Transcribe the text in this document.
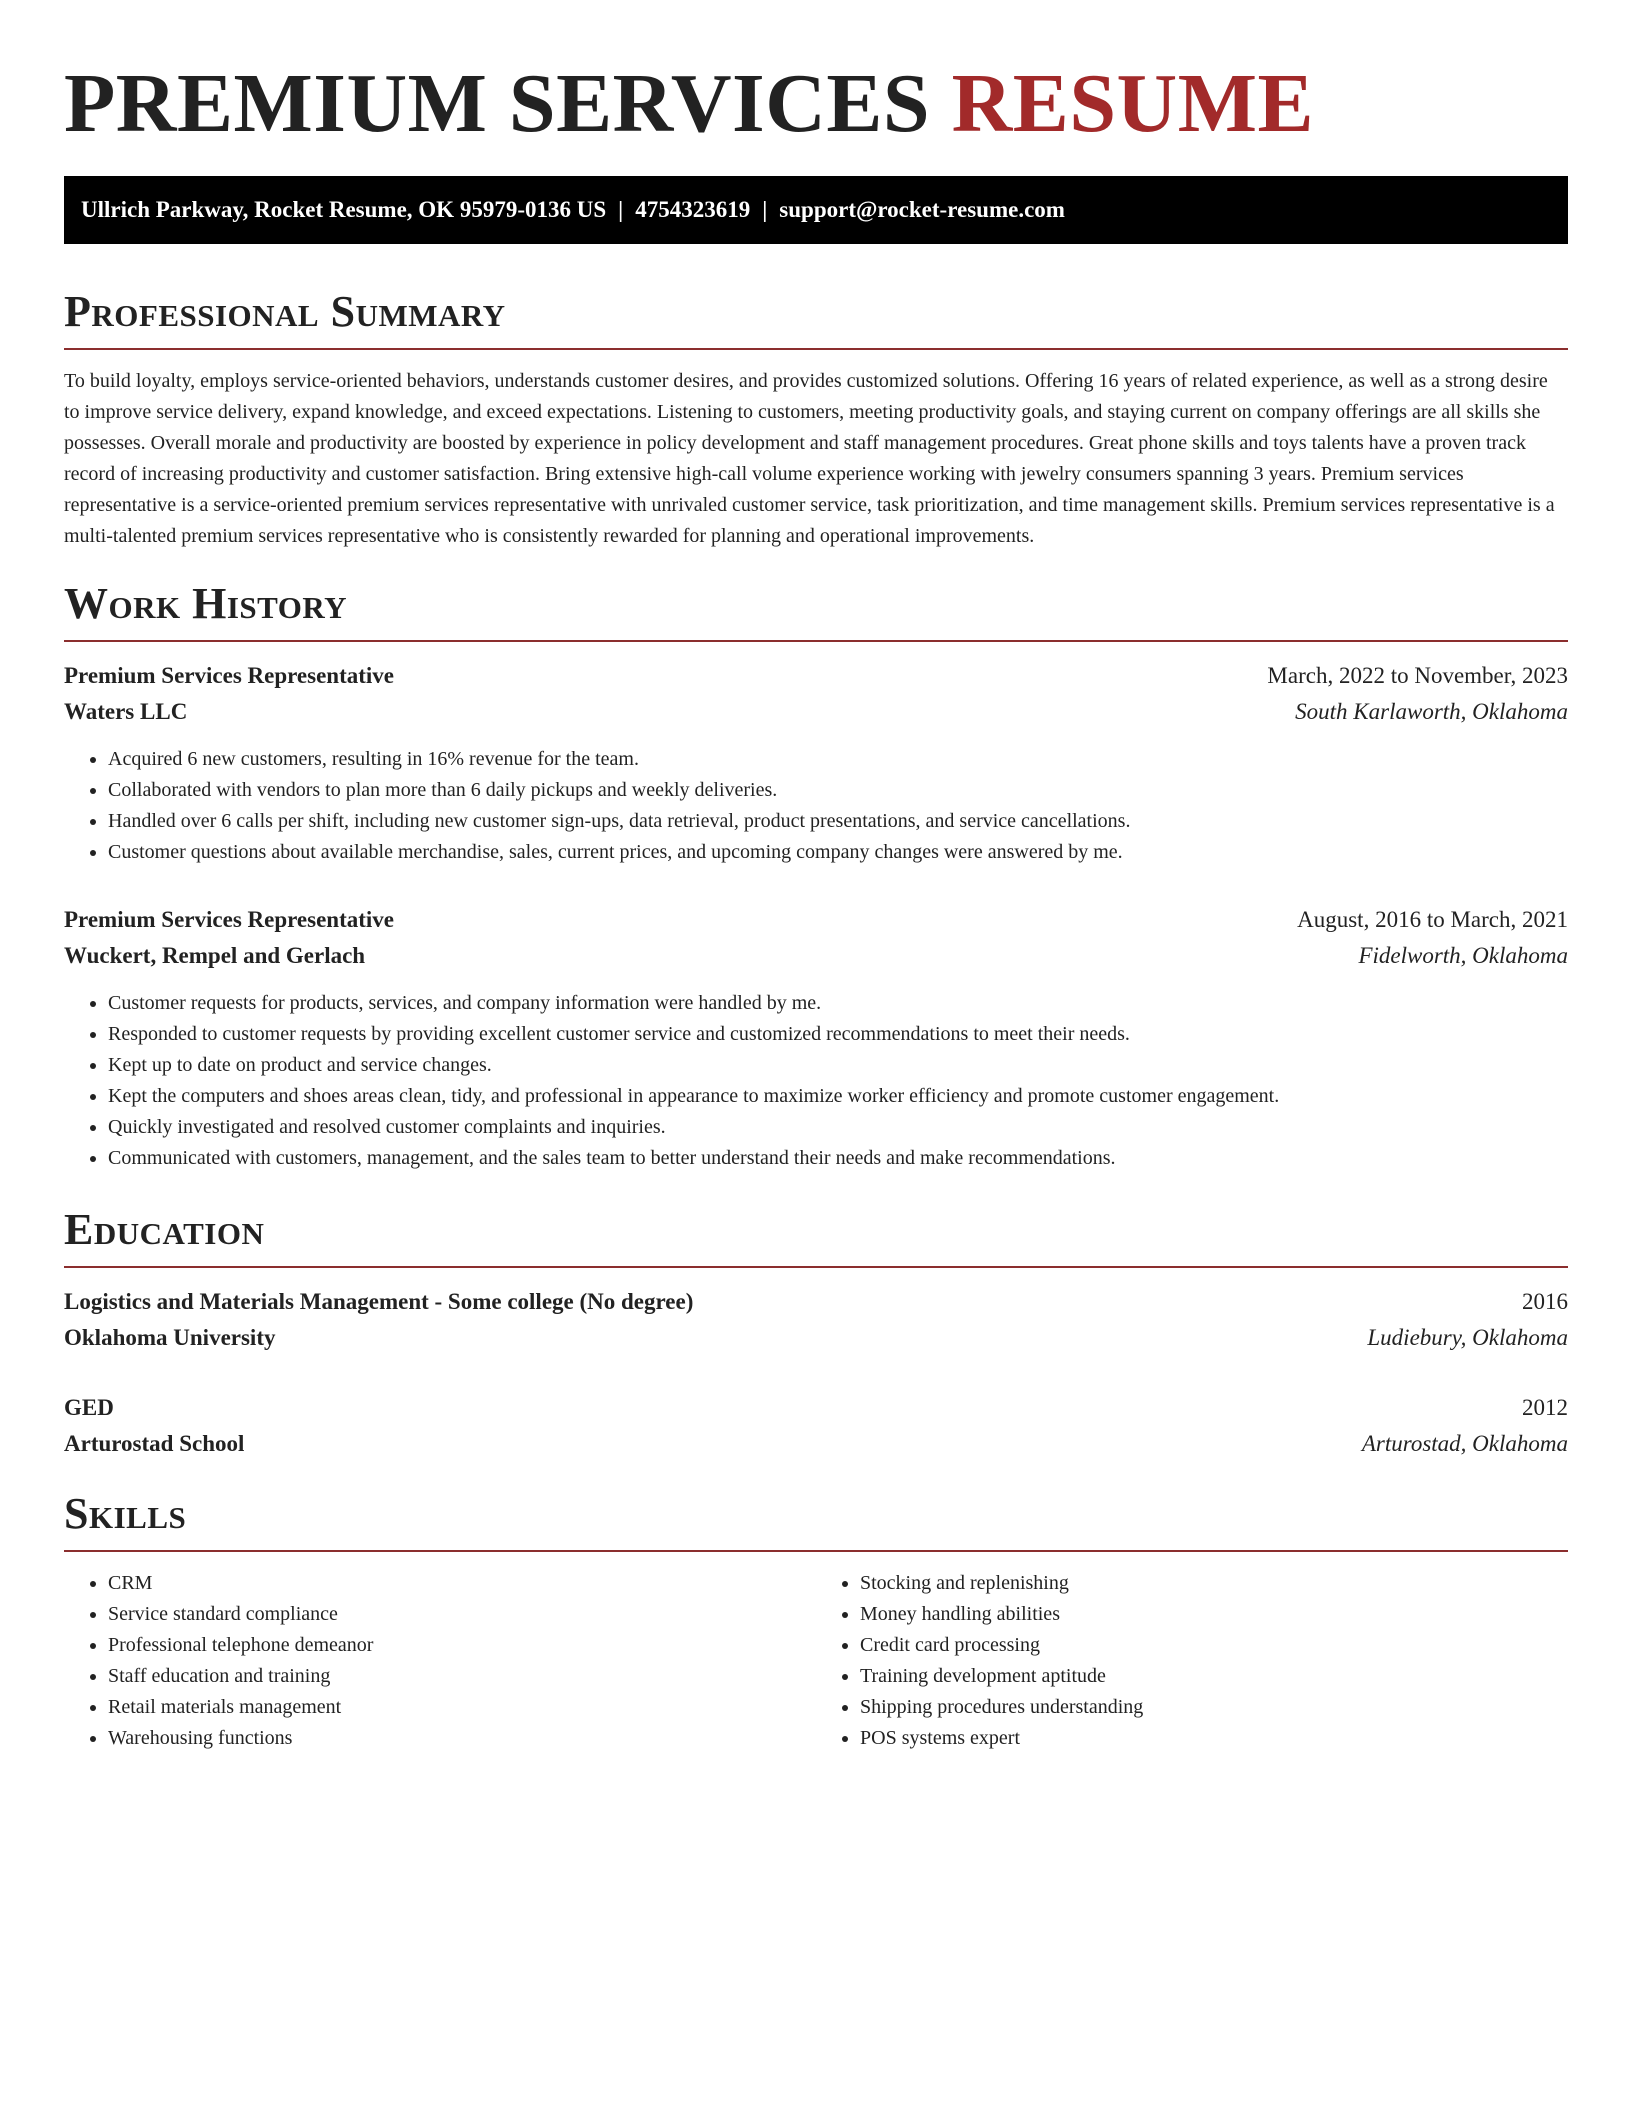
PREMIUM SERVICES RESUME
Ullrich Parkway, Rocket Resume, OK 95979-0136 US | 4754323619 | support@rocket-resume.com
Professional Summary

To build loyalty, employs service-oriented behaviors, understands customer desires, and provides customized solutions. Offering 16 years of related experience, as well as a strong desire to improve service delivery, expand knowledge, and exceed expectations. Listening to customers, meeting productivity goals, and staying current on company offerings are all skills she possesses. Overall morale and productivity are boosted by experience in policy development and staff management procedures. Great phone skills and toys talents have a proven track record of increasing productivity and customer satisfaction. Bring extensive high-call volume experience working with jewelry consumers spanning 3 years. Premium services representative is a service-oriented premium services representative with unrivaled customer service, task prioritization, and time management skills. Premium services representative is a multi-talented premium services representative who is consistently rewarded for planning and operational improvements.

Work History
Premium Services Representative	March, 2022 to November, 2023
Waters LLC	South Karlaworth, Oklahoma
• Acquired 6 new customers, resulting in 16% revenue for the team.
• Collaborated with vendors to plan more than 6 daily pickups and weekly deliveries.
• Handled over 6 calls per shift, including new customer sign-ups, data retrieval, product presentations, and service cancellations.
• Customer questions about available merchandise, sales, current prices, and upcoming company changes were answered by me.
Premium Services Representative	August, 2016 to March, 2021
Wuckert, Rempel and Gerlach	Fidelworth, Oklahoma
• Customer requests for products, services, and company information were handled by me.
• Responded to customer requests by providing excellent customer service and customized recommendations to meet their needs.
• Kept up to date on product and service changes.
• Kept the computers and shoes areas clean, tidy, and professional in appearance to maximize worker efficiency and promote customer engagement.
• Quickly investigated and resolved customer complaints and inquiries.
• Communicated with customers, management, and the sales team to better understand their needs and make recommendations.
Education
Logistics and Materials Management - Some college (No degree)	2016
Oklahoma University	Ludiebury, Oklahoma
GED	2012
Arturostad School	Arturostad, Oklahoma
Skills
• CRM
• Service standard compliance
• Professional telephone demeanor
• Staff education and training
• Retail materials management
• Warehousing functions
• Stocking and replenishing
• Money handling abilities
• Credit card processing
• Training development aptitude
• Shipping procedures understanding
• POS systems expert
